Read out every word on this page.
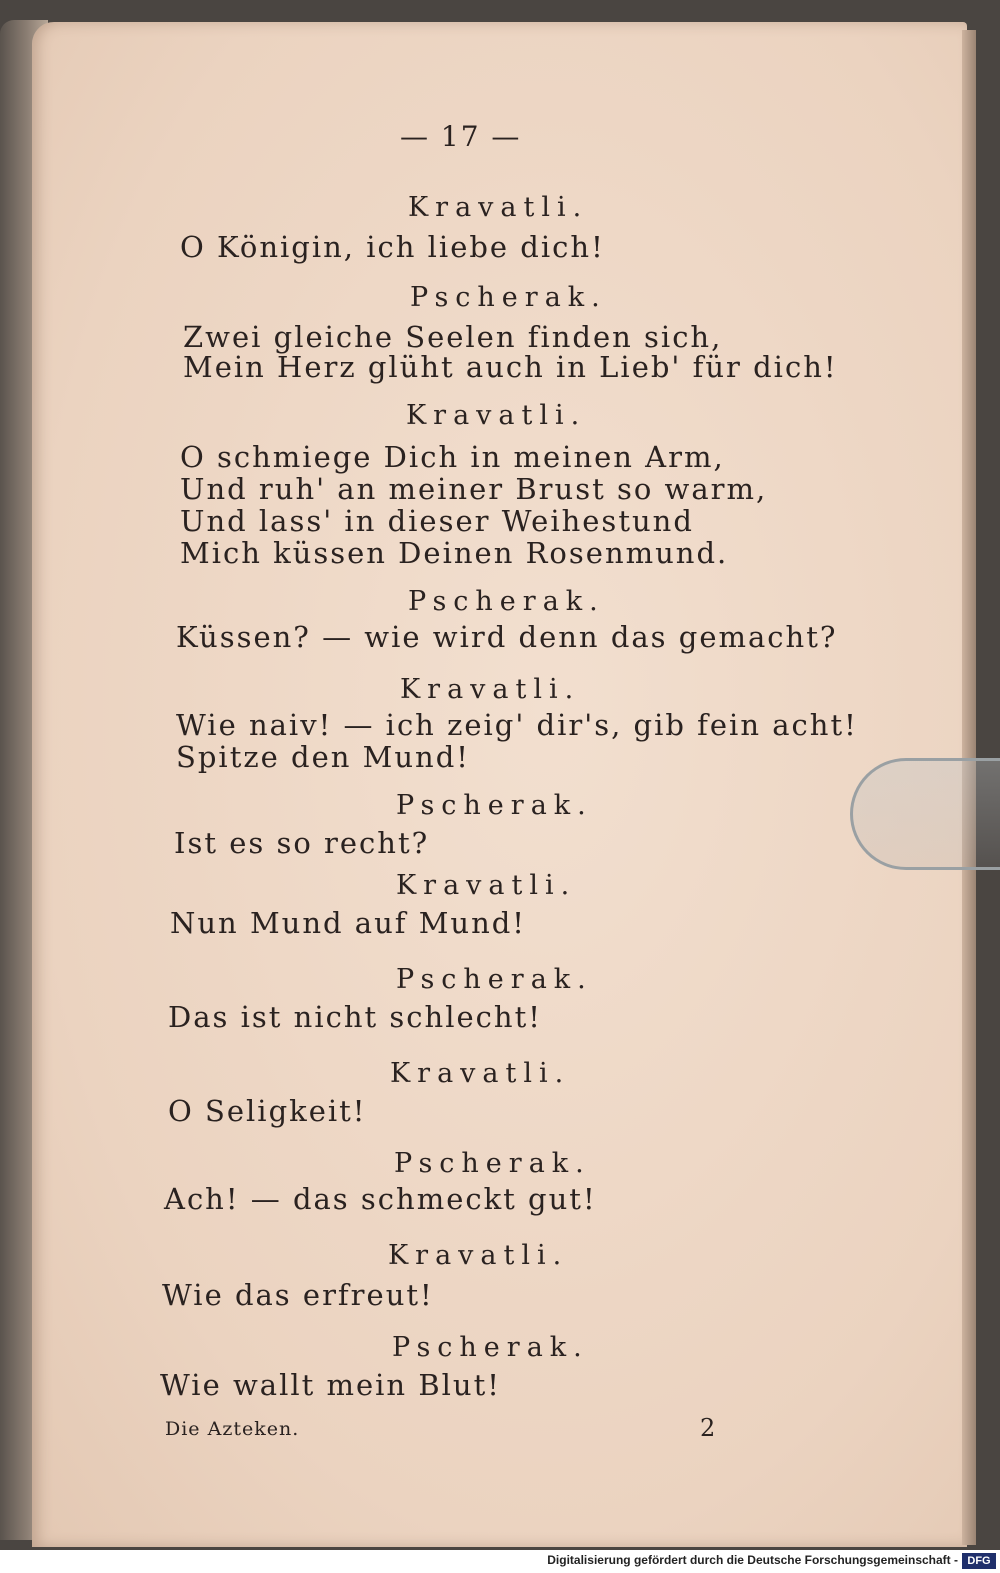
— 17 —

Kravatli.

O Königin, ich liebe dich!

Pscherak.

Zwei gleiche Seelen finden sich,

Mein Herz glüht auch in Lieb' für dich!

Kravatli.

O schmiege Dich in meinen Arm,

Und ruh' an meiner Brust so warm,

Und lass' in dieser Weihestund

Mich küssen Deinen Rosenmund.

Pscherak.

Küssen? — wie wird denn das gemacht?

Kravatli.

Wie naiv! — ich zeig' dir's, gib fein acht!

Spitze den Mund!

Pscherak.

Ist es so recht?

Kravatli.

Nun Mund auf Mund!

Pscherak.

Das ist nicht schlecht!

Kravatli.

O Seligkeit!

Pscherak.

Ach! — das schmeckt gut!

Kravatli.

Wie das erfreut!

Pscherak.

Wie wallt mein Blut!

Die Azteken.	2

Digitalisierung gefördert durch die Deutsche Forschungsgemeinschaft - DFG
